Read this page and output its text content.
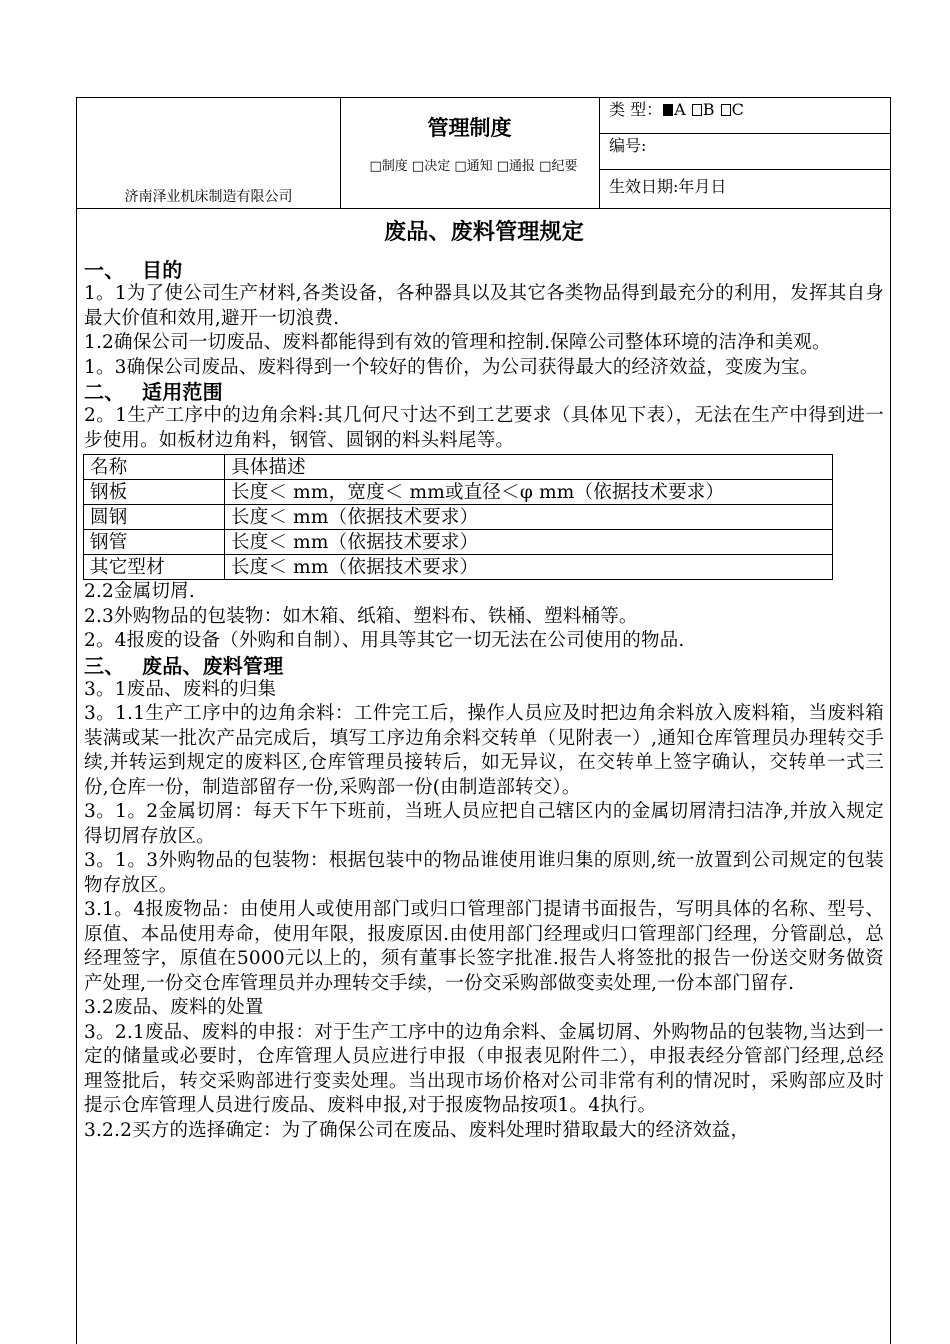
济南泽业机床制造有限公司
管理制度
□制度 □决定 □通知 □通报 □纪要
类 型： A B C
编号:
生效日期:年月日
废品、废料管理规定
一、 目的

1。1为了使公司生产材料,各类设备，各种器具以及其它各类物品得到最充分的利用，发挥其自身最大价值和效用,避开一切浪费.

1.2确保公司一切废品、废料都能得到有效的管理和控制.保障公司整体环境的洁净和美观。

1。3确保公司废品、废料得到一个较好的售价，为公司获得最大的经济效益，变废为宝。

二、 适用范围

2。1生产工序中的边角余料:其几何尺寸达不到工艺要求（具体见下表），无法在生产中得到进一步使用。如板材边角料，钢管、圆钢的料头料尾等。

名称	具体描述
钢板	长度＜ mm，宽度＜ mm或直径＜φ mm（依据技术要求）
圆钢	长度＜ mm（依据技术要求）
钢管	长度＜ mm（依据技术要求）
其它型材	长度＜ mm（依据技术要求）

2.2金属切屑.

2.3外购物品的包装物：如木箱、纸箱、塑料布、铁桶、塑料桶等。

2。4报废的设备（外购和自制）、用具等其它一切无法在公司使用的物品.

三、 废品、废料管理

3。1废品、废料的归集

3。1.1生产工序中的边角余料：工件完工后，操作人员应及时把边角余料放入废料箱，当废料箱装满或某一批次产品完成后，填写工序边角余料交转单（见附表一）,通知仓库管理员办理转交手续,并转运到规定的废料区,仓库管理员接转后，如无异议，在交转单上签字确认，交转单一式三份,仓库一份，制造部留存一份,采购部一份(由制造部转交）。

3。1。2金属切屑：每天下午下班前，当班人员应把自己辖区内的金属切屑清扫洁净,并放入规定得切屑存放区。

3。1。3外购物品的包装物：根据包装中的物品谁使用谁归集的原则,统一放置到公司规定的包装物存放区。

3.1。4报废物品：由使用人或使用部门或归口管理部门提请书面报告，写明具体的名称、型号、原值、本品使用寿命，使用年限，报废原因.由使用部门经理或归口管理部门经理，分管副总，总经理签字，原值在5000元以上的，须有董事长签字批准.报告人将签批的报告一份送交财务做资产处理,一份交仓库管理员并办理转交手续，一份交采购部做变卖处理,一份本部门留存.

3.2废品、废料的处置

3。2.1废品、废料的申报：对于生产工序中的边角余料、金属切屑、外购物品的包装物,当达到一定的储量或必要时，仓库管理人员应进行申报（申报表见附件二），申报表经分管部门经理,总经理签批后，转交采购部进行变卖处理。当出现市场价格对公司非常有利的情况时，采购部应及时提示仓库管理人员进行废品、废料申报,对于报废物品按项1。4执行。

3.2.2买方的选择确定：为了确保公司在废品、废料处理时猎取最大的经济效益，
